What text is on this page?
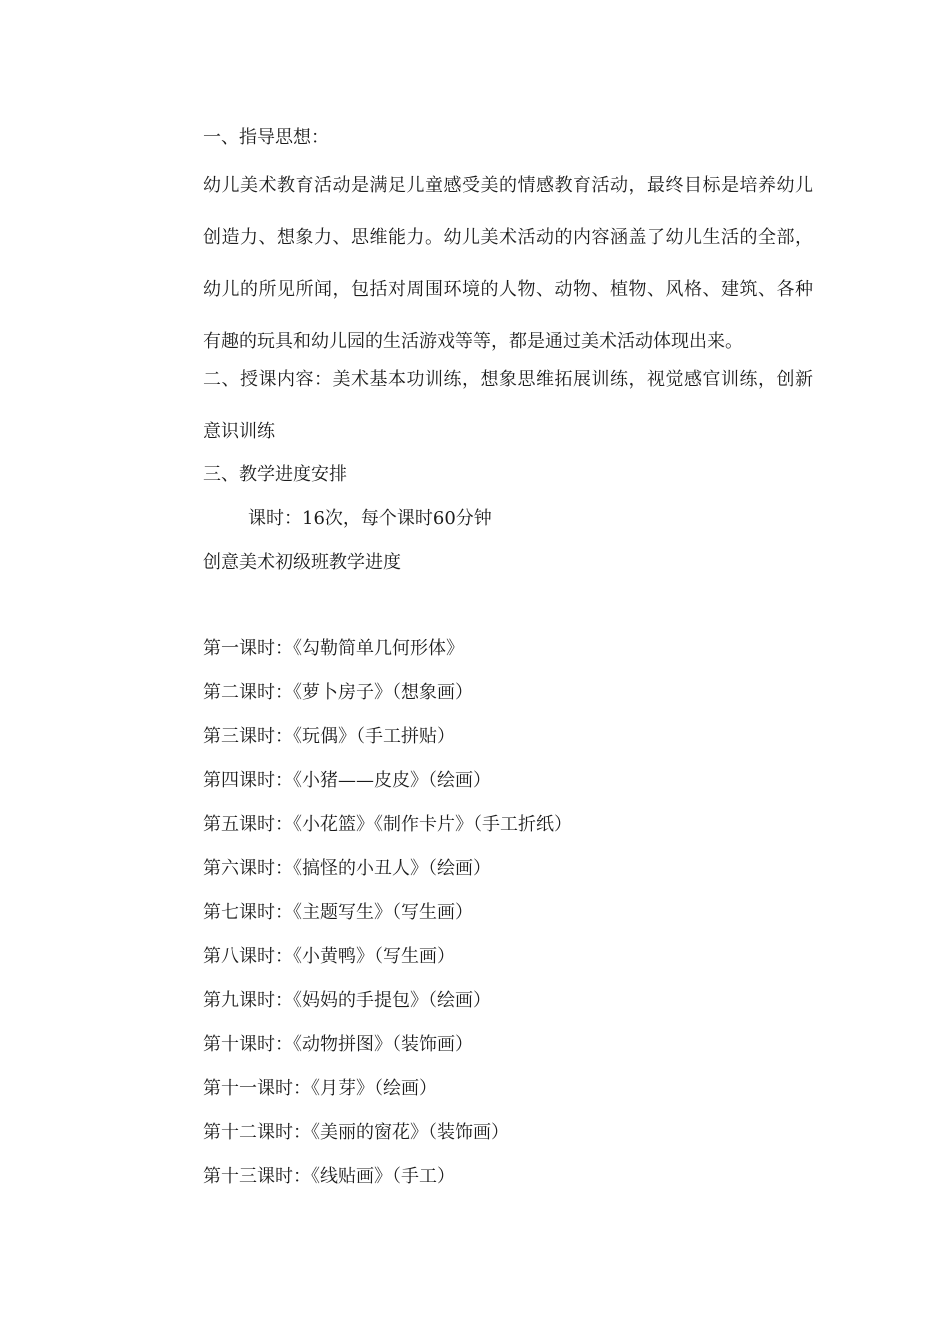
一、指导思想：
幼儿美术教育活动是满足儿童感受美的情感教育活动，最终目标是培养幼儿创造力、想象力、思维能力。幼儿美术活动的内容涵盖了幼儿生活的全部，幼儿的所见所闻，包括对周围环境的人物、动物、植物、风格、建筑、各种有趣的玩具和幼儿园的生活游戏等等，都是通过美术活动体现出来。
二、授课内容：美术基本功训练，想象思维拓展训练，视觉感官训练，创新意识训练
三、教学进度安排
课时：16次，每个课时60分钟
创意美术初级班教学进度
第一课时：《勾勒简单几何形体》
第二课时：《萝卜房子》（想象画）
第三课时：《玩偶》（手工拼贴）
第四课时：《小猪——皮皮》（绘画）
第五课时：《小花篮》《制作卡片》（手工折纸）
第六课时：《搞怪的小丑人》（绘画）
第七课时：《主题写生》（写生画）
第八课时：《小黄鸭》（写生画）
第九课时：《妈妈的手提包》（绘画）
第十课时：《动物拼图》（装饰画）
第十一课时：《月芽》（绘画）
第十二课时：《美丽的窗花》（装饰画）
第十三课时：《线贴画》（手工）
